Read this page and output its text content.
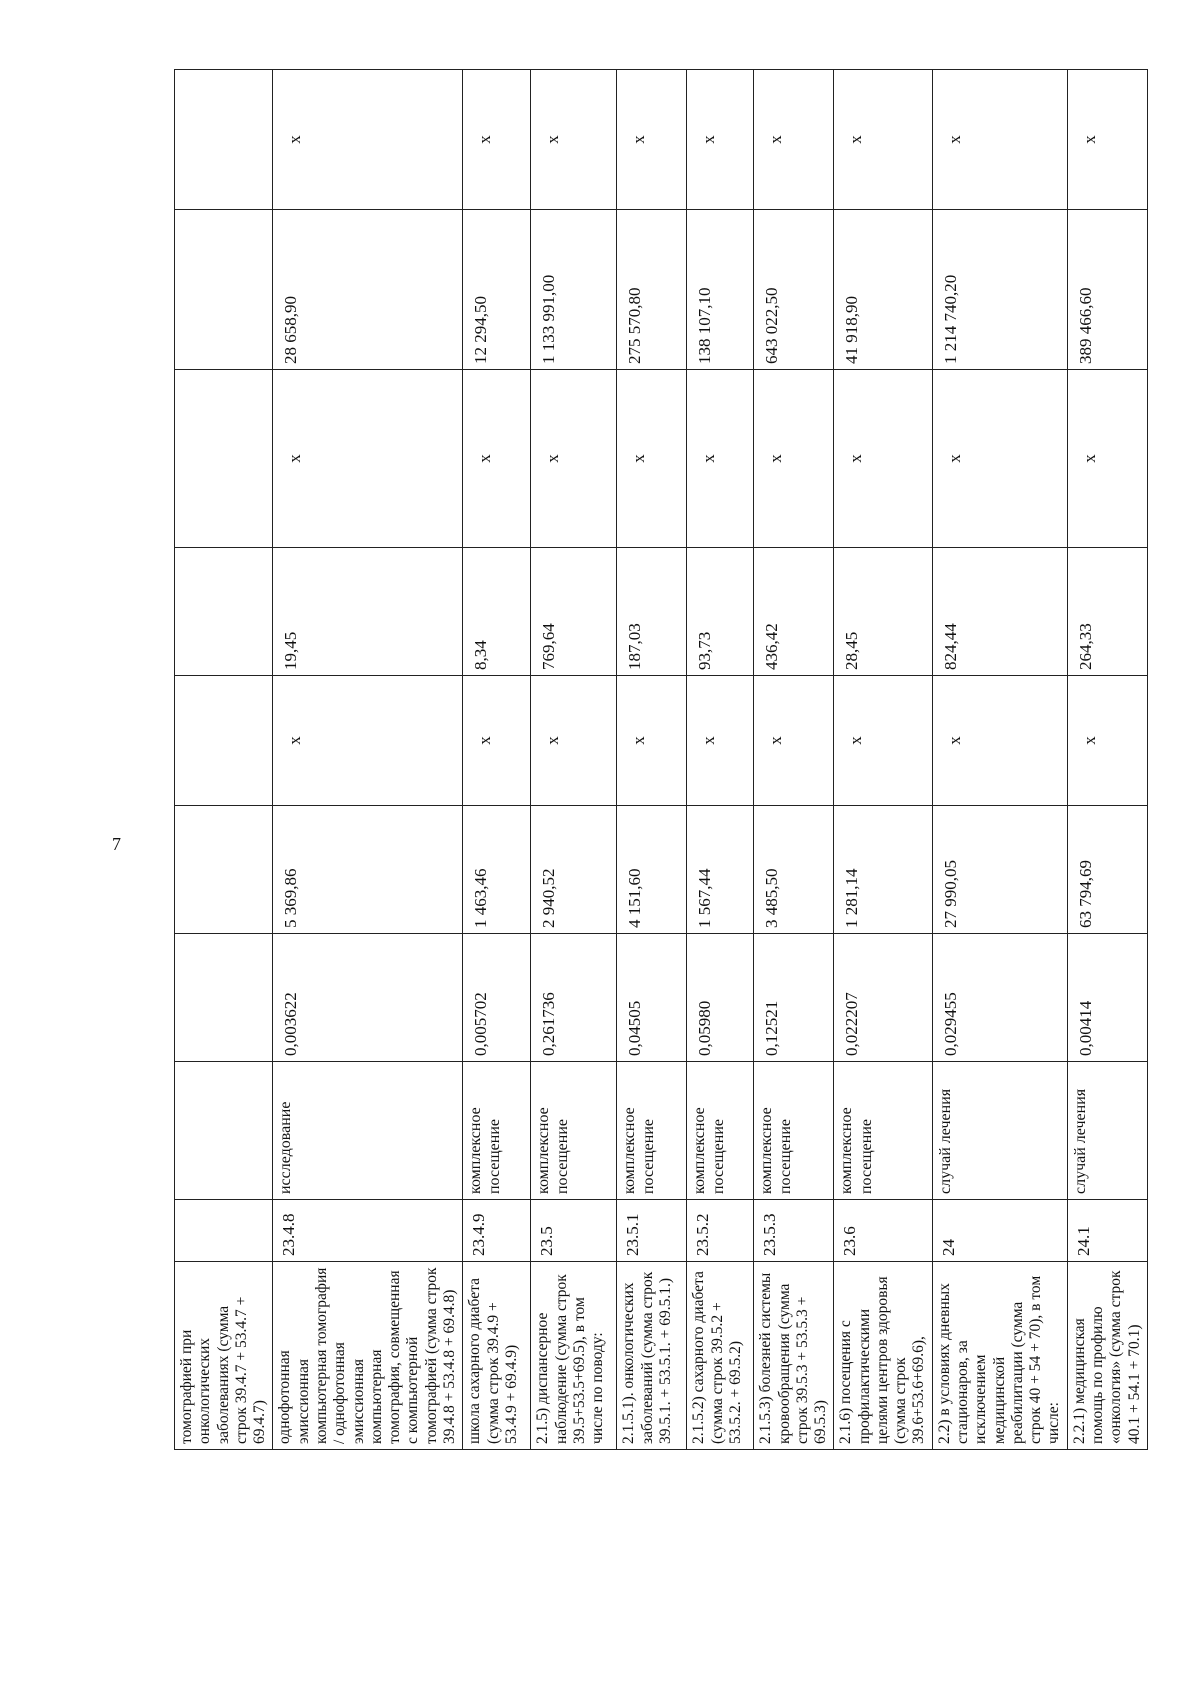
7
томографией при онкологических заболеваниях (сумма строк 39.4.7 + 53.4.7 + 69.4.7)									
однофотонная эмиссионная компьютерная томография / однофотонная эмиссионная компьютерная томография, совмещенная с компьютерной томографией (сумма строк 39.4.8 + 53.4.8 + 69.4.8)	23.4.8	исследование	0,003622	5 369,86	x	19,45	x	28 658,90	x
школа сахарного диабета (сумма строк 39.4.9 + 53.4.9 + 69.4.9)	23.4.9	комплексное посещение	0,005702	1 463,46	x	8,34	x	12 294,50	x
2.1.5) диспансерное наблюдение (сумма строк 39.5+53.5+69.5), в том числе по поводу:	23.5	комплексное посещение	0,261736	2 940,52	x	769,64	x	1 133 991,00	x
2.1.5.1). онкологических заболеваний (сумма строк 39.5.1. + 53.5.1. + 69.5.1.)	23.5.1	комплексное посещение	0,04505	4 151,60	x	187,03	x	275 570,80	x
2.1.5.2) сахарного диабета (сумма строк 39.5.2 + 53.5.2. + 69.5.2)	23.5.2	комплексное посещение	0,05980	1 567,44	x	93,73	x	138 107,10	x
2.1.5.3) болезней системы кровообращения (сумма строк 39.5.3 + 53.5.3 + 69.5.3)	23.5.3	комплексное посещение	0,12521	3 485,50	x	436,42	x	643 022,50	x
2.1.6) посещения с профилактическими целями центров здоровья (сумма строк 39.6+53.6+69.6),	23.6	комплексное посещение	0,022207	1 281,14	x	28,45	x	41 918,90	x
2.2) в условиях дневных стационаров, за исключением медицинской реабилитации (сумма строк 40 + 54 + 70), в том числе:	24	случай лечения	0,029455	27 990,05	x	824,44	x	1 214 740,20	x
2.2.1) медицинская помощь по профилю «онкология» (сумма строк 40.1 + 54.1 + 70.1)	24.1	случай лечения	0,00414	63 794,69	x	264,33	x	389 466,60	x
